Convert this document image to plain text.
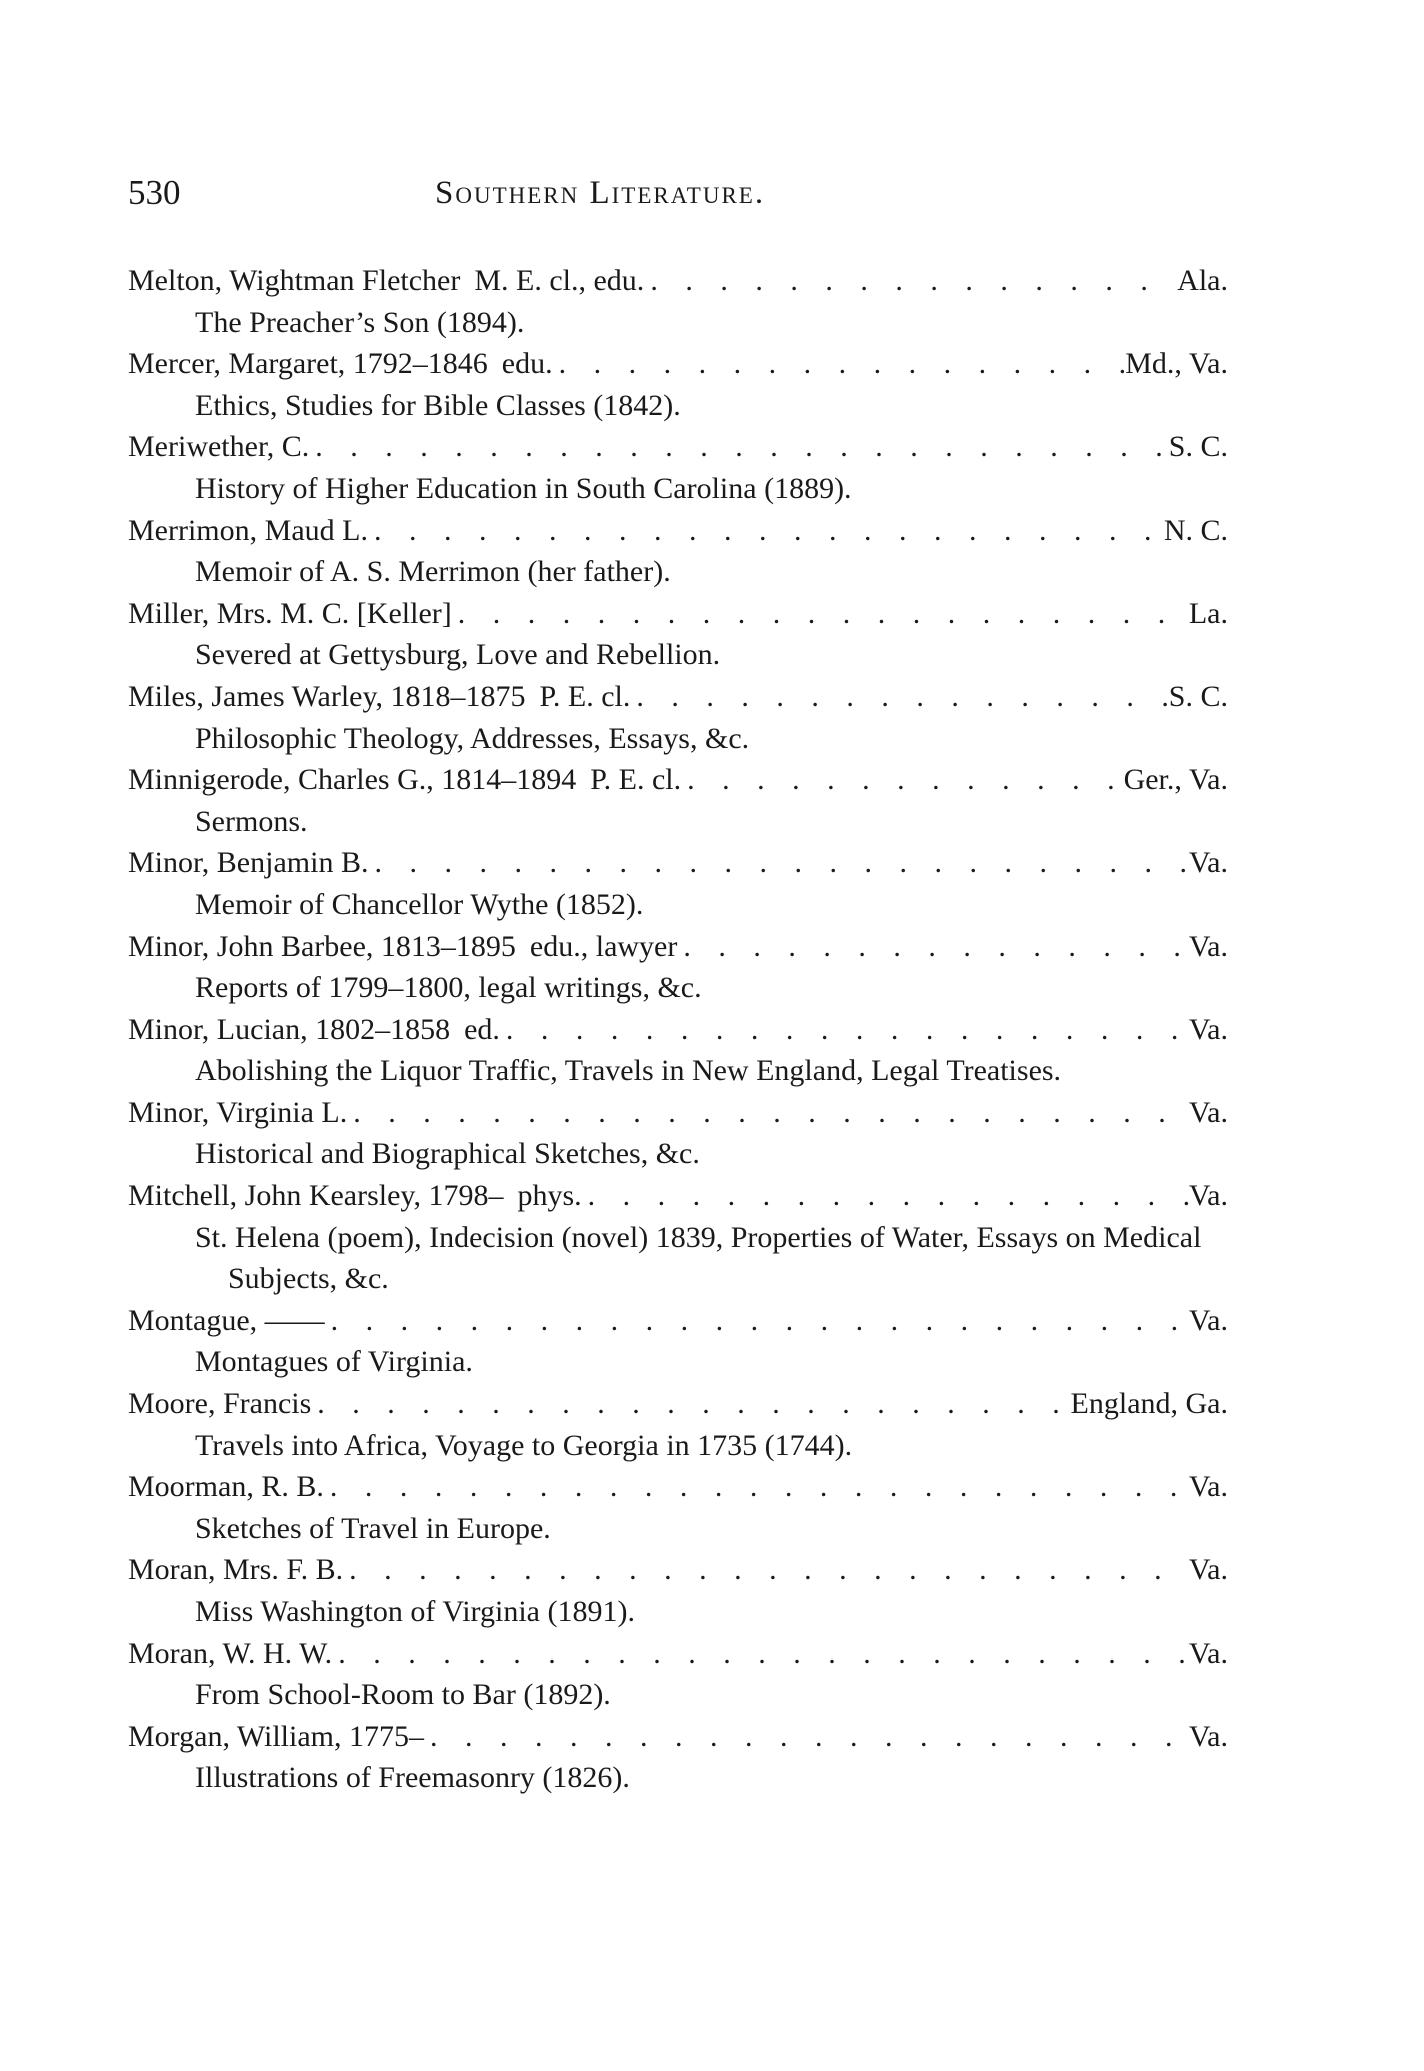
530	Southern Literature.
Melton, Wightman Fletcher M. E. cl., edu. . . .	Ala.
The Preacher’s Son (1894).
Mercer, Margaret, 1792–1846 edu. . . .	Md., Va.
Ethics, Studies for Bible Classes (1842).
Meriwether, C. . . .	S. C.
History of Higher Education in South Carolina (1889).
Merrimon, Maud L. . . .	N. C.
Memoir of A. S. Merrimon (her father).
Miller, Mrs. M. C. [Keller] . . .	La.
Severed at Gettysburg, Love and Rebellion.
Miles, James Warley, 1818–1875 P. E. cl. . . .	S. C.
Philosophic Theology, Addresses, Essays, &c.
Minnigerode, Charles G., 1814–1894 P. E. cl. . . .	Ger., Va.
Sermons.
Minor, Benjamin B. . . .	Va.
Memoir of Chancellor Wythe (1852).
Minor, John Barbee, 1813–1895 edu., lawyer . . .	Va.
Reports of 1799–1800, legal writings, &c.
Minor, Lucian, 1802–1858 ed. . . .	Va.
Abolishing the Liquor Traffic, Travels in New England, Legal Treatises.
Minor, Virginia L. . . .	Va.
Historical and Biographical Sketches, &c.
Mitchell, John Kearsley, 1798– phys. . . .	Va.
St. Helena (poem), Indecision (novel) 1839, Properties of Water, Essays on Medical Subjects, &c.
Montague, —— . . .	Va.
Montagues of Virginia.
Moore, Francis . . .	England, Ga.
Travels into Africa, Voyage to Georgia in 1735 (1744).
Moorman, R. B. . . .	Va.
Sketches of Travel in Europe.
Moran, Mrs. F. B. . . .	Va.
Miss Washington of Virginia (1891).
Moran, W. H. W. . . .	Va.
From School-Room to Bar (1892).
Morgan, William, 1775– . . .	Va.
Illustrations of Freemasonry (1826).
